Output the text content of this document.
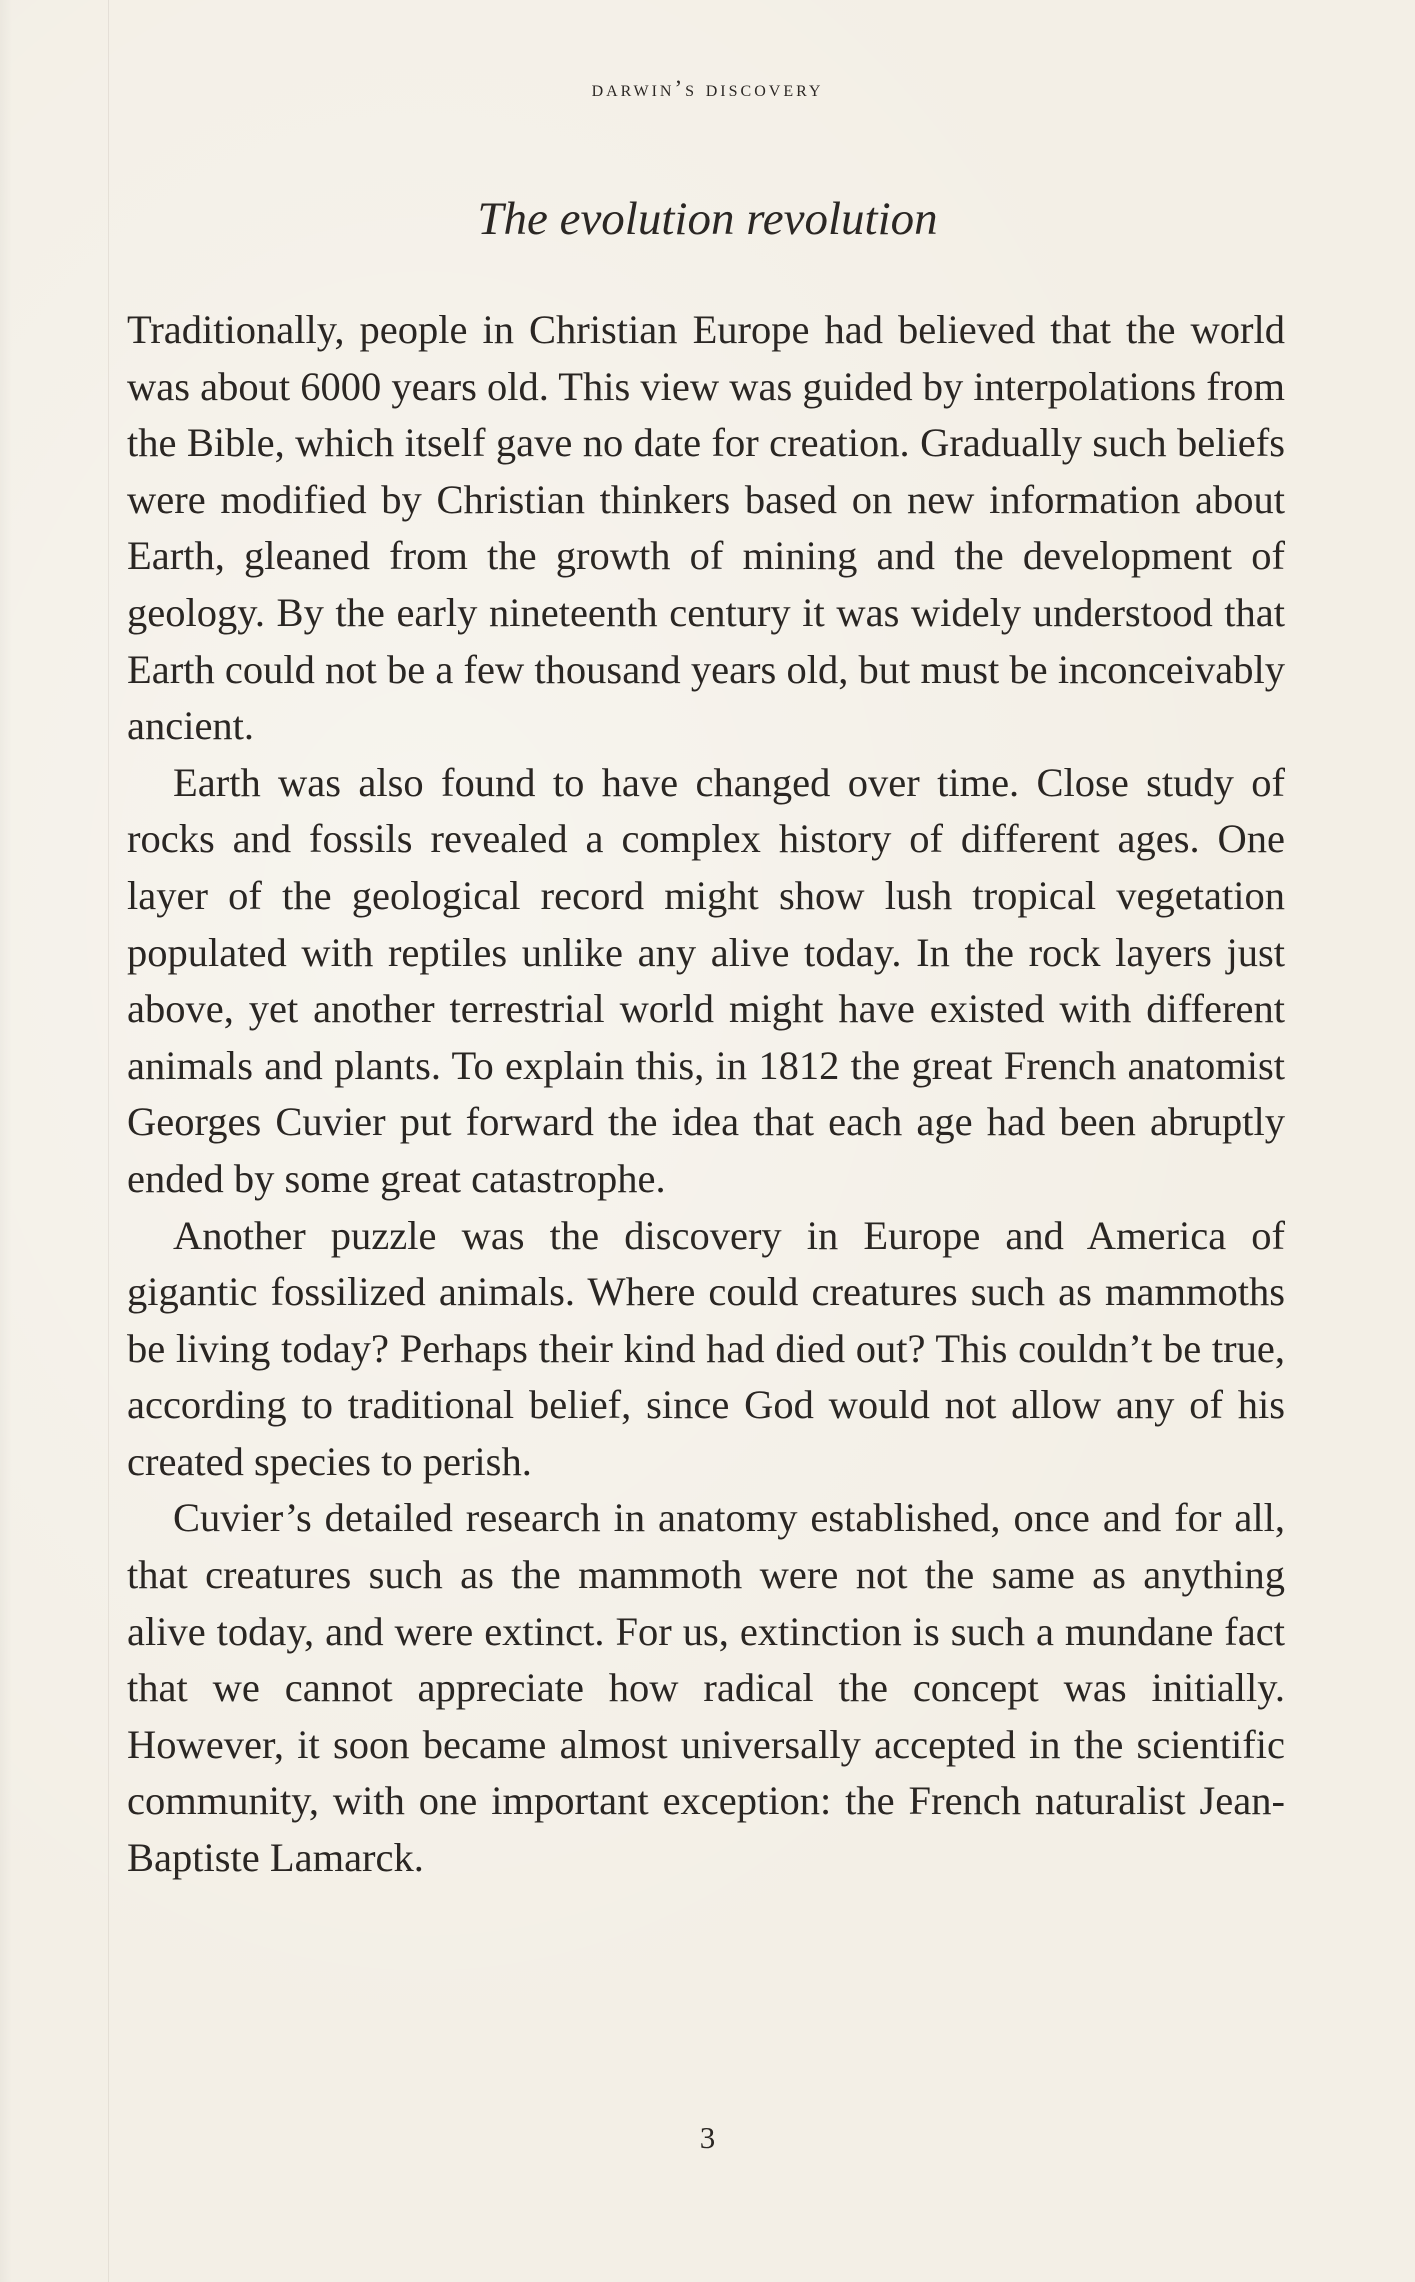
darwin’s discovery
The evolution revolution

Traditionally, people in Christian Europe had believed that the world was about 6000 years old. This view was guided by interpolations from the Bible, which itself gave no date for creation. Gradually such beliefs were modified by Christian thinkers based on new information about Earth, gleaned from the growth of mining and the development of geology. By the early nineteenth century it was widely understood that Earth could not be a few thousand years old, but must be inconceivably ancient.

Earth was also found to have changed over time. Close study of rocks and fossils revealed a complex history of different ages. One layer of the geological record might show lush tropical vegetation populated with reptiles unlike any alive today. In the rock layers just above, yet another terrestrial world might have existed with different animals and plants. To explain this, in 1812 the great French anatomist Georges Cuvier put forward the idea that each age had been abruptly ended by some great catastrophe.

Another puzzle was the discovery in Europe and America of gigantic fossilized animals. Where could creatures such as mammoths be living today? Perhaps their kind had died out? This couldn’t be true, according to traditional belief, since God would not allow any of his created species to perish.

Cuvier’s detailed research in anatomy established, once and for all, that creatures such as the mammoth were not the same as anything alive today, and were extinct. For us, extinction is such a mundane fact that we cannot appreciate how radical the concept was initially. However, it soon became almost universally accepted in the scientific community, with one important exception: the French naturalist Jean-Baptiste Lamarck.

3
